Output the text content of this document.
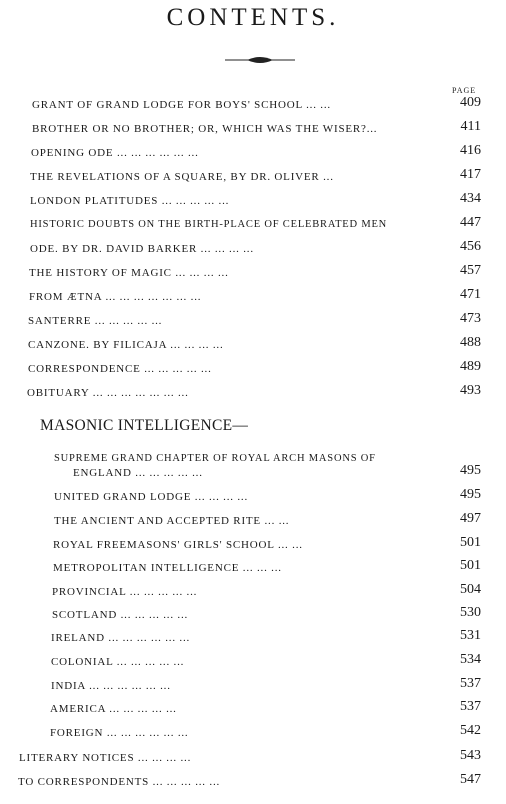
CONTENTS.
PAGE
GRANT OF GRAND LODGE FOR BOYS' SCHOOL ... ...	409
BROTHER OR NO BROTHER; OR, WHICH WAS THE WISER?...	411
OPENING ODE ... ... ... ... ... ...	416
THE REVELATIONS OF A SQUARE, BY DR. OLIVER ...	417
LONDON PLATITUDES ... ... ... ... ...	434
HISTORIC DOUBTS ON THE BIRTH-PLACE OF CELEBRATED MEN	447
ODE. BY DR. DAVID BARKER ... ... ... ...	456
THE HISTORY OF MAGIC ... ... ... ...	457
FROM ÆTNA ... ... ... ... ... ... ...	471
SANTERRE ... ... ... ... ...	473
CANZONE. BY FILICAJA ... ... ... ...	488
CORRESPONDENCE ... ... ... ... ...	489
OBITUARY ... ... ... ... ... ... ...	493
MASONIC INTELLIGENCE—
SUPREME GRAND CHAPTER OF ROYAL ARCH MASONS OF
ENGLAND ... ... ... ... ...	495
UNITED GRAND LODGE ... ... ... ...	495
THE ANCIENT AND ACCEPTED RITE ... ...	497
ROYAL FREEMASONS' GIRLS' SCHOOL ... ...	501
METROPOLITAN INTELLIGENCE ... ... ...	501
PROVINCIAL ... ... ... ... ...	504
SCOTLAND ... ... ... ... ...	530
IRELAND ... ... ... ... ... ...	531
COLONIAL ... ... ... ... ...	534
INDIA ... ... ... ... ... ...	537
AMERICA ... ... ... ... ...	537
FOREIGN ... ... ... ... ... ...	542
LITERARY NOTICES ... ... ... ...	543
TO CORRESPONDENTS ... ... ... ... ...	547
